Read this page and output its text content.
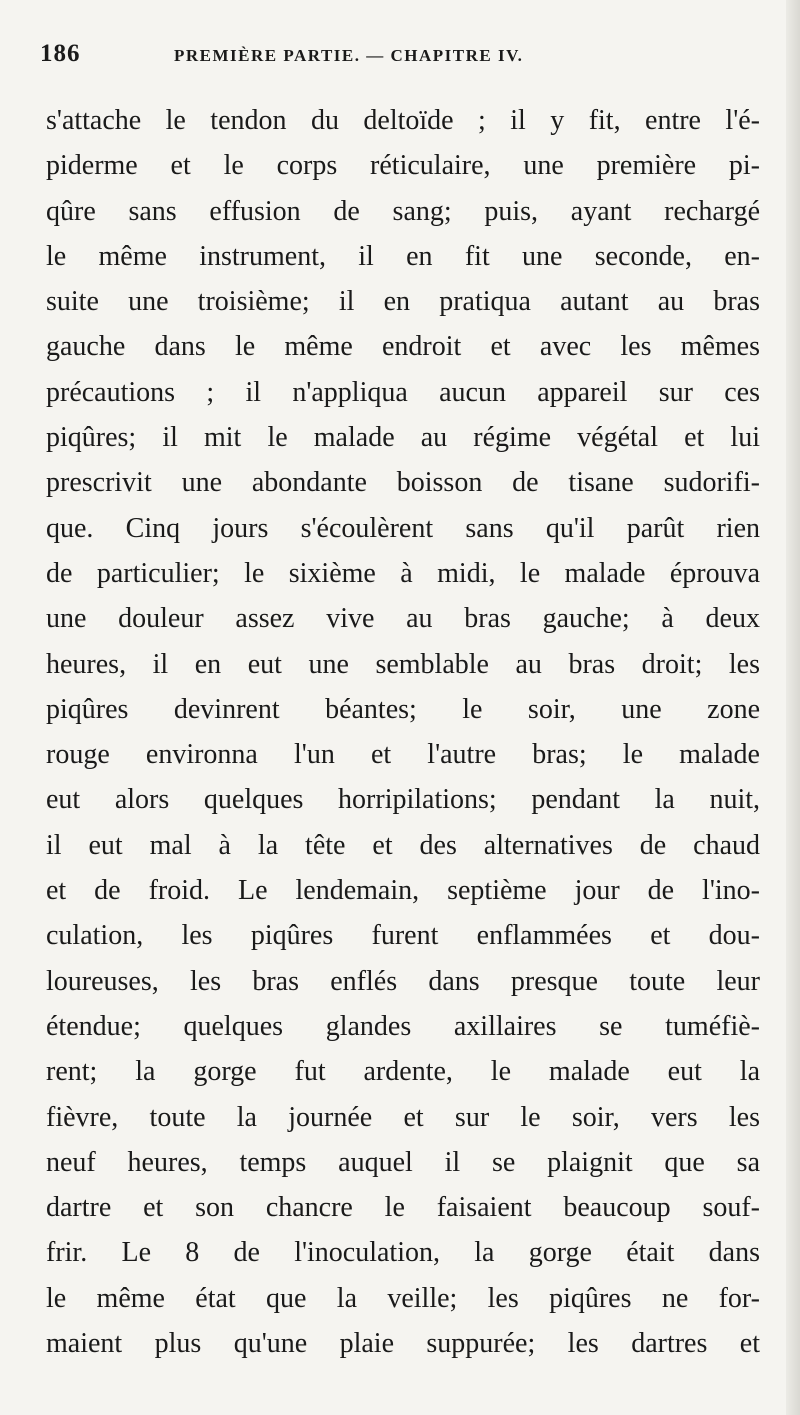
186	PREMIÈRE PARTIE. — CHAPITRE IV.
s'attache le tendon du deltoïde ; il y fit, entre l'é-
piderme et le corps réticulaire, une première pi-
qûre sans effusion de sang; puis, ayant rechargé
le même instrument, il en fit une seconde, en-
suite une troisième; il en pratiqua autant au bras
gauche dans le même endroit et avec les mêmes
précautions ; il n'appliqua aucun appareil sur ces
piqûres; il mit le malade au régime végétal et lui
prescrivit une abondante boisson de tisane sudorifi-
que. Cinq jours s'écoulèrent sans qu'il parût rien
de particulier; le sixième à midi, le malade éprouva
une douleur assez vive au bras gauche; à deux
heures, il en eut une semblable au bras droit; les
piqûres devinrent béantes; le soir, une zone
rouge environna l'un et l'autre bras; le malade
eut alors quelques horripilations; pendant la nuit,
il eut mal à la tête et des alternatives de chaud
et de froid. Le lendemain, septième jour de l'ino-
culation, les piqûres furent enflammées et dou-
loureuses, les bras enflés dans presque toute leur
étendue; quelques glandes axillaires se tuméfiè-
rent; la gorge fut ardente, le malade eut la
fièvre, toute la journée et sur le soir, vers les
neuf heures, temps auquel il se plaignit que sa
dartre et son chancre le faisaient beaucoup souf-
frir. Le 8 de l'inoculation, la gorge était dans
le même état que la veille; les piqûres ne for-
maient plus qu'une plaie suppurée; les dartres et
